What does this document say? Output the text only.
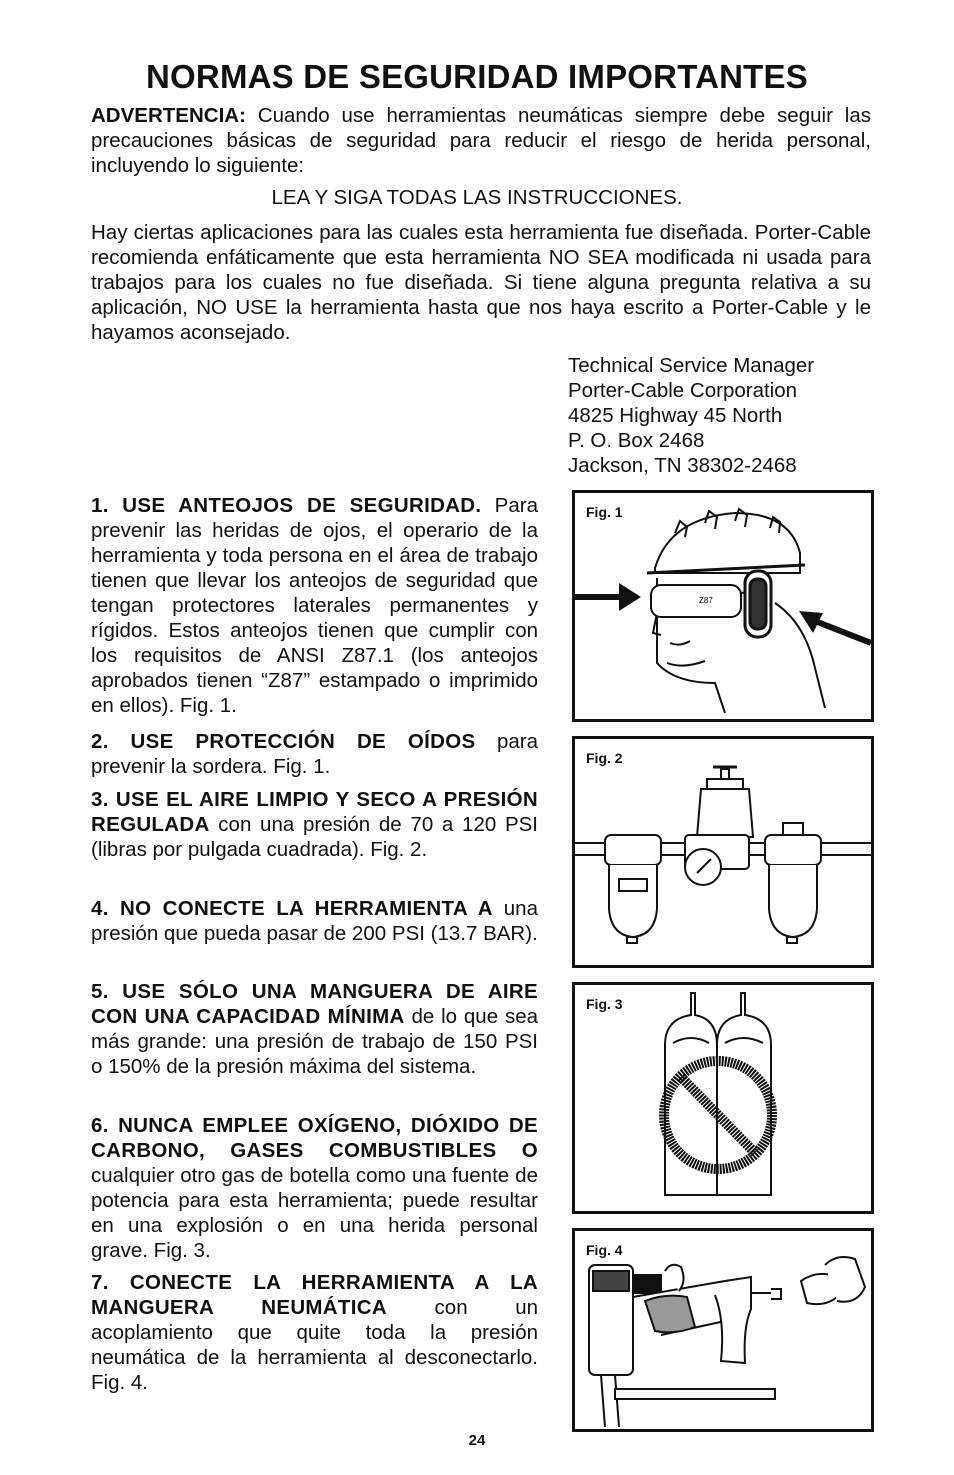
NORMAS DE SEGURIDAD IMPORTANTES
ADVERTENCIA: Cuando use herramientas neumáticas siempre debe seguir las precauciones básicas de seguridad para reducir el riesgo de herida personal, incluyendo lo siguiente:
LEA Y SIGA TODAS LAS INSTRUCCIONES.
Hay ciertas aplicaciones para las cuales esta herramienta fue diseñada. Porter-Cable recomienda enfáticamente que esta herramienta NO SEA modificada ni usada para trabajos para los cuales no fue diseñada. Si tiene alguna pregunta relativa a su aplicación, NO USE la herramienta hasta que nos haya escrito a Porter-Cable y le hayamos aconsejado.
Technical Service Manager
Porter-Cable Corporation
4825 Highway 45 North
P. O. Box 2468
Jackson, TN 38302-2468
1. USE ANTEOJOS DE SEGURIDAD. Para prevenir las heridas de ojos, el operario de la herramienta y toda persona en el área de trabajo tienen que llevar los anteojos de seguridad que tengan protectores laterales permanentes y rígidos. Estos anteojos tienen que cumplir con los requisitos de ANSI Z87.1 (los anteojos aprobados tienen “Z87” estampado o imprimido en ellos). Fig. 1.
2. USE PROTECCIÓN DE OÍDOS para prevenir la sordera. Fig. 1.
3. USE EL AIRE LIMPIO Y SECO A PRESIÓN REGULADA con una presión de 70 a 120 PSI (libras por pulgada cuadrada). Fig. 2.
4. NO CONECTE LA HERRAMIENTA A una presión que pueda pasar de 200 PSI (13.7 BAR).
5. USE SÓLO UNA MANGUERA DE AIRE CON UNA CAPACIDAD MÍNIMA de lo que sea más grande: una presión de trabajo de 150 PSI o 150% de la presión máxima del sistema.
6. NUNCA EMPLEE OXÍGENO, DIÓXIDO DE CARBONO, GASES COMBUSTIBLES O cualquier otro gas de botella como una fuente de potencia para esta herramienta; puede resultar en una explosión o en una herida personal grave. Fig. 3.
7. CONECTE LA HERRAMIENTA A LA MANGUERA NEUMÁTICA con un acoplamiento que quite toda la presión neumática de la herramienta al desconectarlo. Fig. 4.
Z87
Fig. 1
Fig. 2
Fig. 3
Fig. 4
24
